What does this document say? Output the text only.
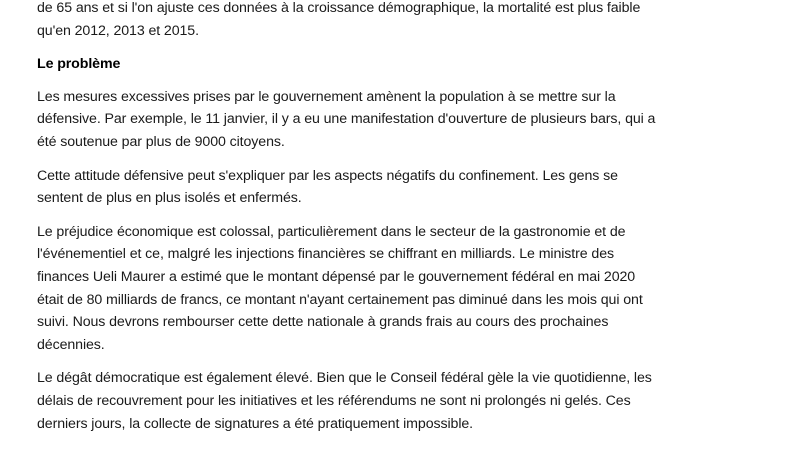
de 65 ans et si l'on ajuste ces données à la croissance démographique, la mortalité est plus faible
qu'en 2012, 2013 et 2015.

Le problème

Les mesures excessives prises par le gouvernement amènent la population à se mettre sur la
défensive. Par exemple, le 11 janvier, il y a eu une manifestation d'ouverture de plusieurs bars, qui a
été soutenue par plus de 9000 citoyens.

Cette attitude défensive peut s'expliquer par les aspects négatifs du confinement. Les gens se
sentent de plus en plus isolés et enfermés.

Le préjudice économique est colossal, particulièrement dans le secteur de la gastronomie et de
l'événementiel et ce, malgré les injections financières se chiffrant en milliards. Le ministre des
finances Ueli Maurer a estimé que le montant dépensé par le gouvernement fédéral en mai 2020
était de 80 milliards de francs, ce montant n'ayant certainement pas diminué dans les mois qui ont
suivi. Nous devrons rembourser cette dette nationale à grands frais au cours des prochaines
décennies.

Le dégât démocratique est également élevé. Bien que le Conseil fédéral gèle la vie quotidienne, les
délais de recouvrement pour les initiatives et les référendums ne sont ni prolongés ni gelés. Ces
derniers jours, la collecte de signatures a été pratiquement impossible.
